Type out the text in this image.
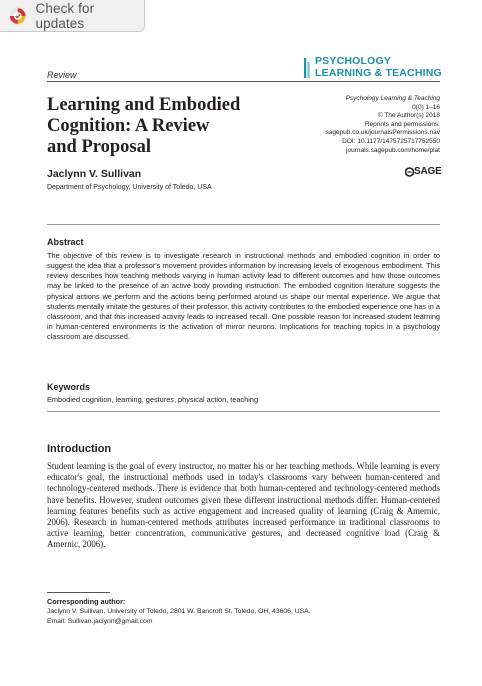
Check for updates
Review
PSYCHOLOGY
LEARNING & TEACHING
Learning and Embodied
Cognition: A Review
and Proposal
Psychology Learning & Teaching
0(0) 1–16
© The Author(s) 2018
Reprints and permissions:
sagepub.co.uk/journalsPermissions.nav
DOI: 10.1177/1475725717752550
journals.sagepub.com/home/plat
SAGE
Jaclynn V. Sullivan
Department of Psychology, University of Toledo, USA
Abstract
The objective of this review is to investigate research in instructional methods and embodied cognition in order to suggest the idea that a professor's movement provides information by increasing levels of exogenous embodiment. This review describes how teaching methods varying in human activity lead to different outcomes and how those outcomes may be linked to the presence of an active body providing instruction. The embodied cognition literature suggests the physical actions we perform and the actions being performed around us shape our mental experience. We argue that students mentally imitate the gestures of their professor, this activity contributes to the embodied experience one has in a classroom, and that this increased activity leads to increased recall. One possible reason for increased student learning in human-centered environments is the activation of mirror neurons. Implications for teaching topics in a psychology classroom are discussed.
Keywords
Embodied cognition, learning, gestures, physical action, teaching
Introduction
Student learning is the goal of every instructor, no matter his or her teaching methods. While learning is every educator's goal, the instructional methods used in today's classrooms vary between human-centered and technology-centered methods. There is evidence that both human-centered and technology-centered methods have benefits. However, student outcomes given these different instructional methods differ. Human-centered learning features benefits such as active engagement and increased quality of learning (Craig & Amernic, 2006). Research in human-centered methods attributes increased performance in traditional classrooms to active learning, better concentration, communicative gestures, and decreased cognitive load (Craig & Amernic, 2006).
Corresponding author:
Jaclynn V. Sullivan, University of Toledo, 2801 W. Bancroft St. Toledo, OH, 43606, USA.
Email: Sullivan.jaclynn@gmail.com
